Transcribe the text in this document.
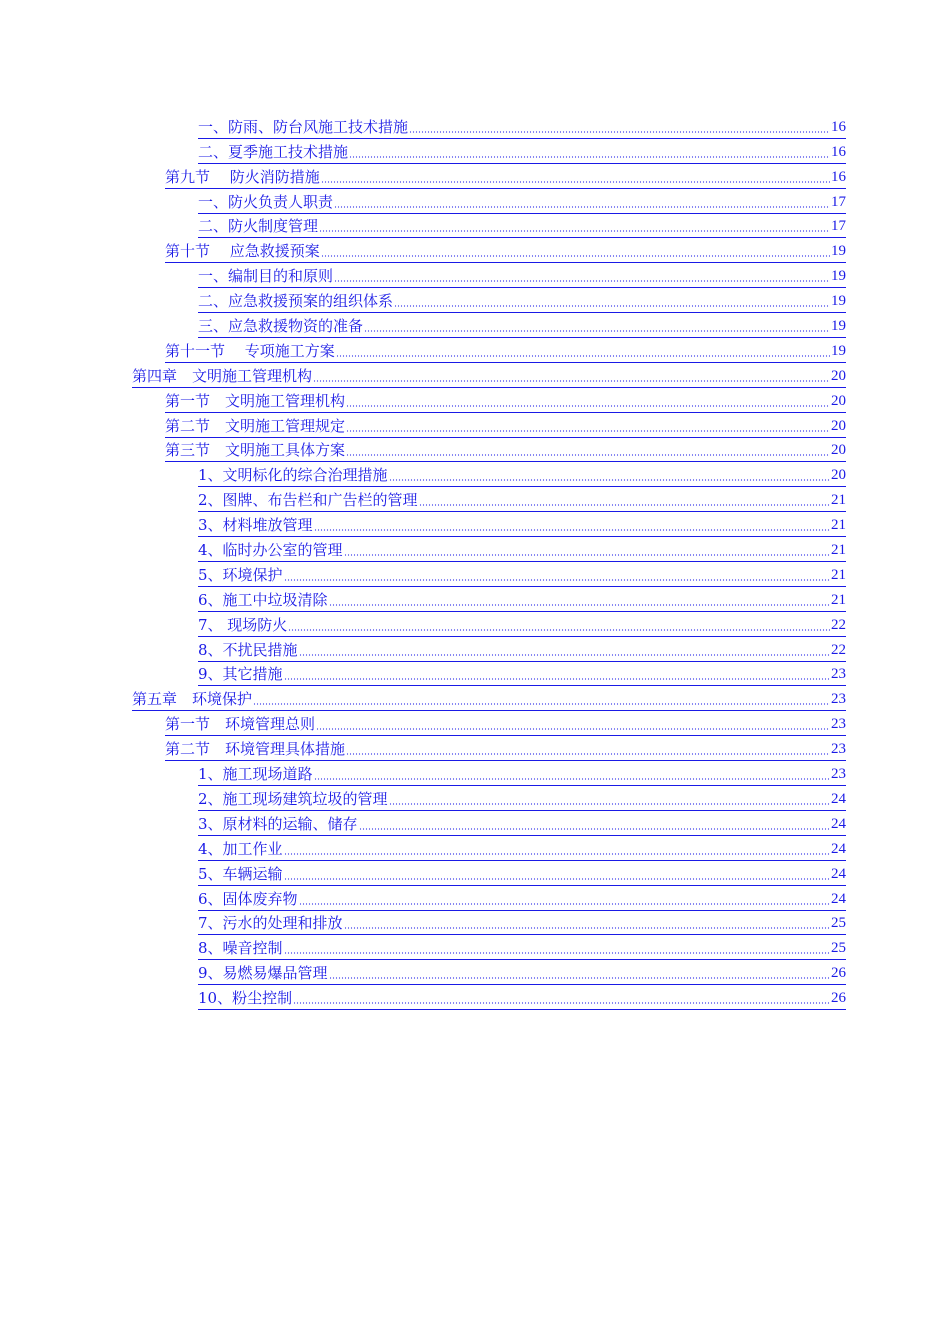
一、防雨、防台风施工技术措施	16
二、夏季施工技术措施	16
第九节　 防火消防措施	16
一、防火负责人职责	17
二、防火制度管理	17
第十节　 应急救援预案	19
一、编制目的和原则	19
二、应急救援预案的组织体系	19
三、应急救援物资的准备	19
第十一节　 专项施工方案	19
第四章　文明施工管理机构	20
第一节　文明施工管理机构	20
第二节　文明施工管理规定	20
第三节　文明施工具体方案	20
1、文明标化的综合治理措施	20
2、图牌、布告栏和广告栏的管理	21
3、材料堆放管理	21
4、临时办公室的管理	21
5、环境保护	21
6、施工中垃圾清除	21
7、 现场防火	22
8、不扰民措施	22
9、其它措施	23
第五章　环境保护	23
第一节　环境管理总则	23
第二节　环境管理具体措施	23
1、施工现场道路	23
2、施工现场建筑垃圾的管理	24
3、原材料的运输、储存	24
4、加工作业	24
5、车辆运输	24
6、固体废弃物	24
7、污水的处理和排放	25
8、噪音控制	25
9、易燃易爆品管理	26
10、粉尘控制	26
